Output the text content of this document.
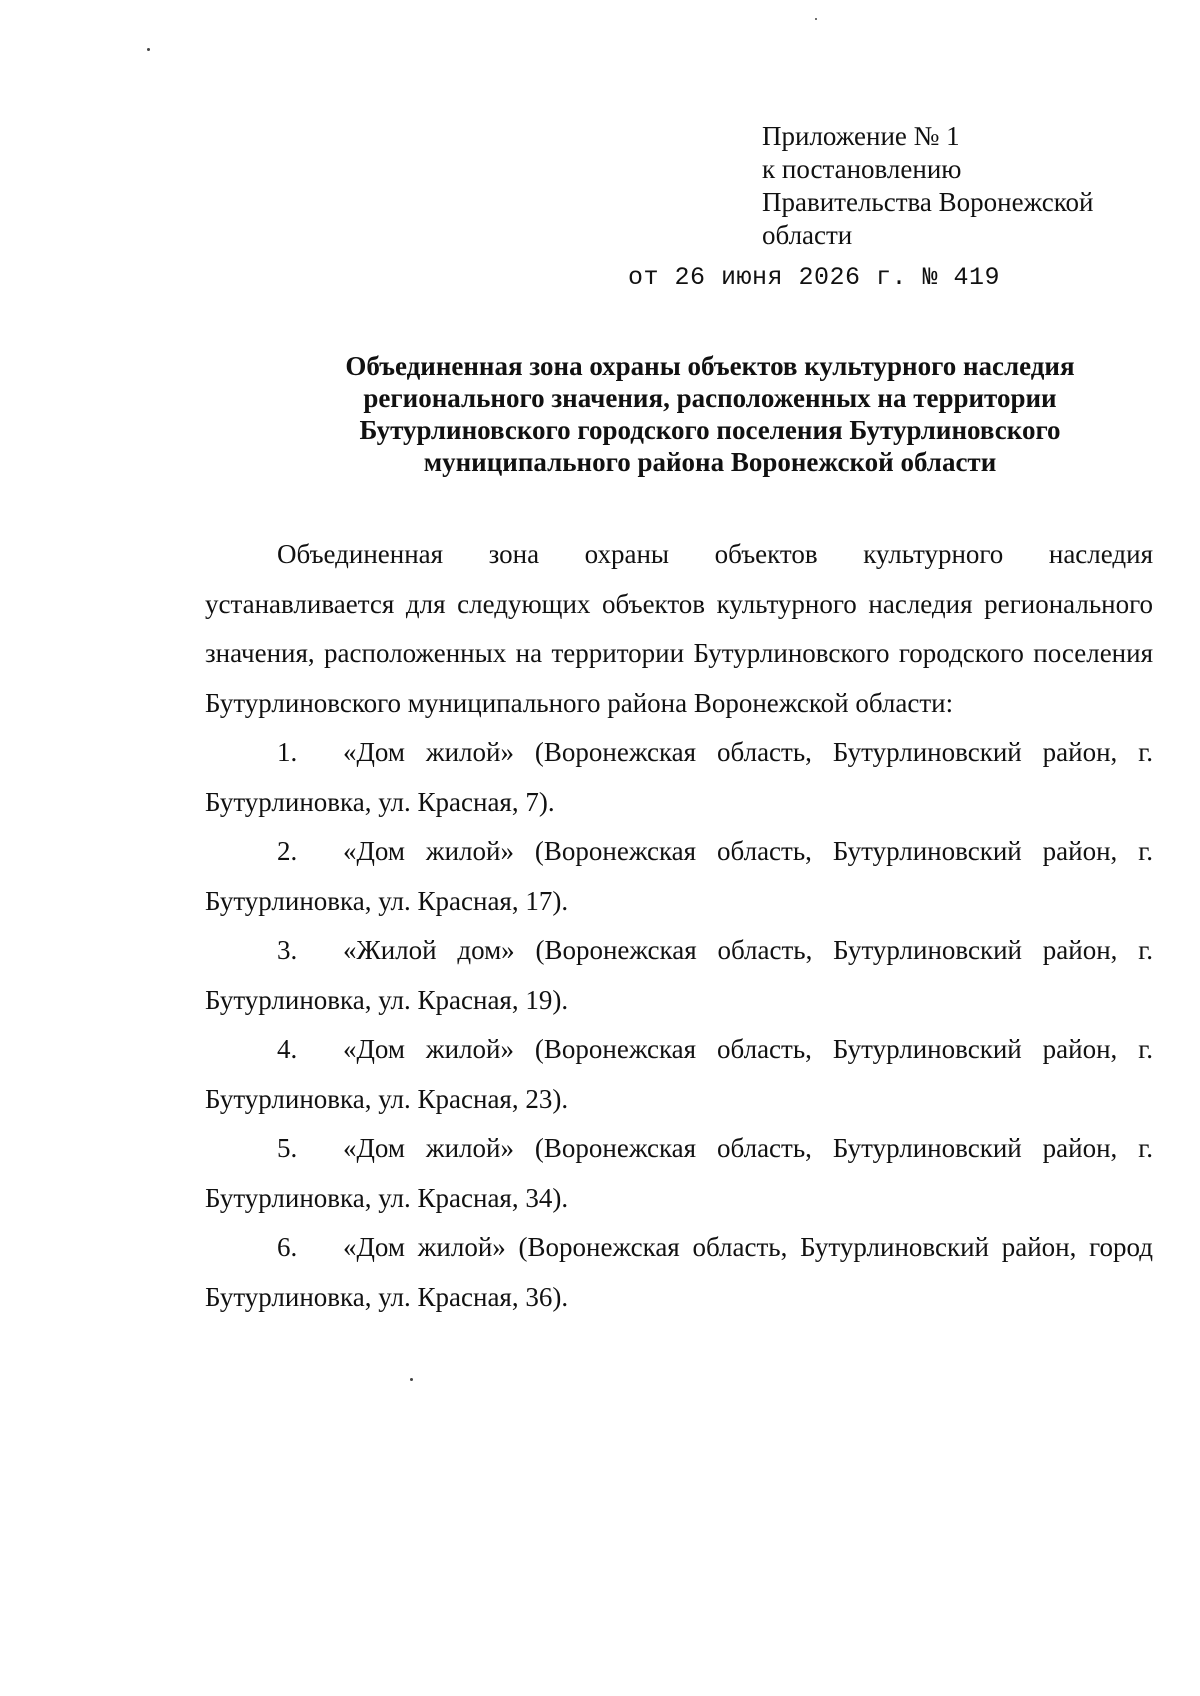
Приложение № 1
к постановлению
Правительства Воронежской
области
от 26 июня 2026 г. № 419
Объединенная зона охраны объектов культурного наследия
регионального значения, расположенных на территории
Бутурлиновского городского поселения Бутурлиновского
муниципального района Воронежской области

Объединенная зона охраны объектов культурного наследия устанавливается для следующих объектов культурного наследия регионального значения, расположенных на территории Бутурлиновского городского поселения Бутурлиновского муниципального района Воронежской области:

1. «Дом жилой» (Воронежская область, Бутурлиновский район, г. Бутурлиновка, ул. Красная, 7).

2. «Дом жилой» (Воронежская область, Бутурлиновский район, г. Бутурлиновка, ул. Красная, 17).

3. «Жилой дом» (Воронежская область, Бутурлиновский район, г. Бутурлиновка, ул. Красная, 19).

4. «Дом жилой» (Воронежская область, Бутурлиновский район, г. Бутурлиновка, ул. Красная, 23).

5. «Дом жилой» (Воронежская область, Бутурлиновский район, г. Бутурлиновка, ул. Красная, 34).

6. «Дом жилой» (Воронежская область, Бутурлиновский район, город Бутурлиновка, ул. Красная, 36).
